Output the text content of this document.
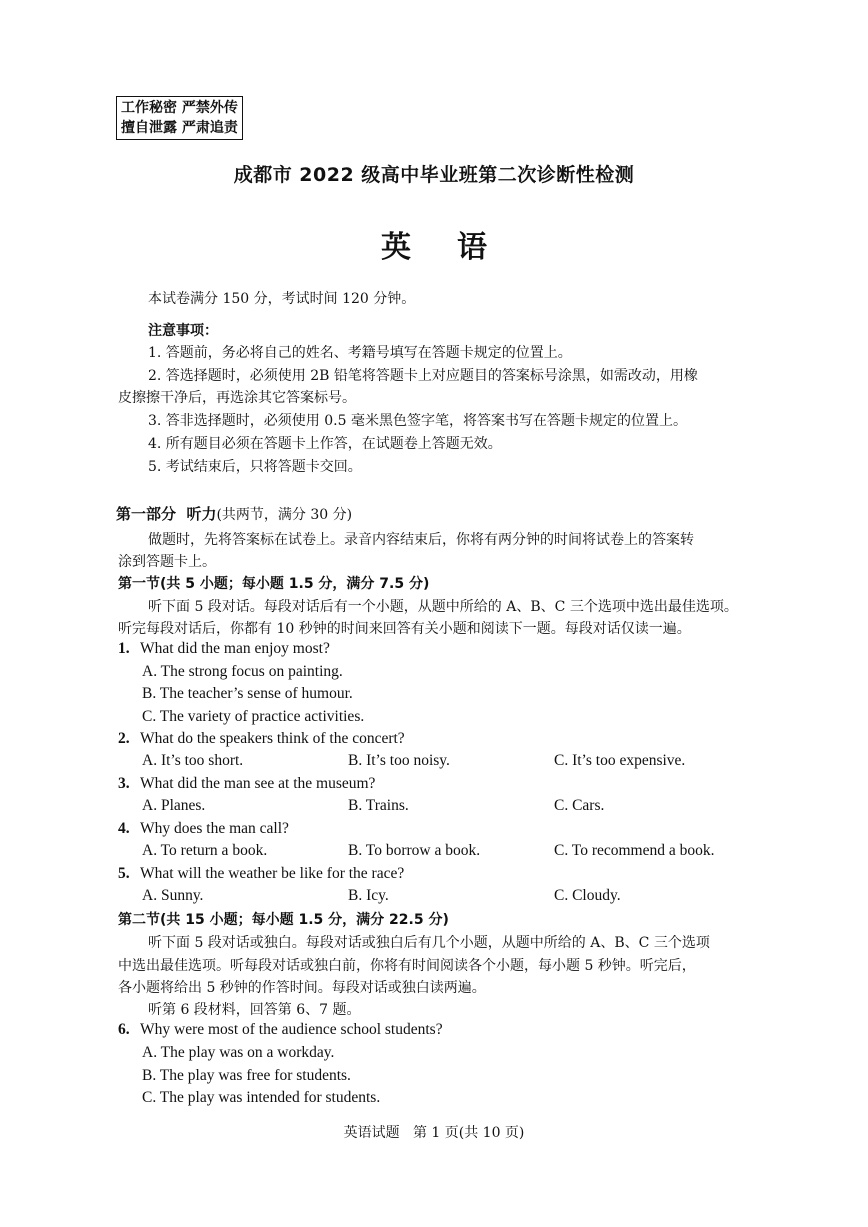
工作秘密 严禁外传
擅自泄露 严肃追责
成都市 2022 级高中毕业班第二次诊断性检测
英 语
本试卷满分 150 分，考试时间 120 分钟。
注意事项：
1. 答题前，务必将自己的姓名、考籍号填写在答题卡规定的位置上。
2. 答选择题时，必须使用 2B 铅笔将答题卡上对应题目的答案标号涂黑，如需改动，用橡
皮擦擦干净后，再选涂其它答案标号。
3. 答非选择题时，必须使用 0.5 毫米黑色签字笔，将答案书写在答题卡规定的位置上。
4. 所有题目必须在答题卡上作答，在试题卷上答题无效。
5. 考试结束后，只将答题卡交回。
第一部分  听力(共两节，满分 30 分)
做题时，先将答案标在试卷上。录音内容结束后，你将有两分钟的时间将试卷上的答案转
涂到答题卡上。
第一节(共 5 小题；每小题 1.5 分，满分 7.5 分)
听下面 5 段对话。每段对话后有一个小题，从题中所给的 A、B、C 三个选项中选出最佳选项。
听完每段对话后，你都有 10 秒钟的时间来回答有关小题和阅读下一题。每段对话仅读一遍。
1. What did the man enjoy most?
A. The strong focus on painting.
B. The teacher’s sense of humour.
C. The variety of practice activities.
2. What do the speakers think of the concert?
A. It’s too short.	B. It’s too noisy.	C. It’s too expensive.
3. What did the man see at the museum?
A. Planes.	B. Trains.	C. Cars.
4. Why does the man call?
A. To return a book.	B. To borrow a book.	C. To recommend a book.
5. What will the weather be like for the race?
A. Sunny.	B. Icy.	C. Cloudy.
第二节(共 15 小题；每小题 1.5 分，满分 22.5 分)
听下面 5 段对话或独白。每段对话或独白后有几个小题，从题中所给的 A、B、C 三个选项
中选出最佳选项。听每段对话或独白前，你将有时间阅读各个小题，每小题 5 秒钟。听完后，
各小题将给出 5 秒钟的作答时间。每段对话或独白读两遍。
听第 6 段材料，回答第 6、7 题。
6. Why were most of the audience school students?
A. The play was on a workday.
B. The play was free for students.
C. The play was intended for students.
英语试题   第 1 页(共 10 页)
